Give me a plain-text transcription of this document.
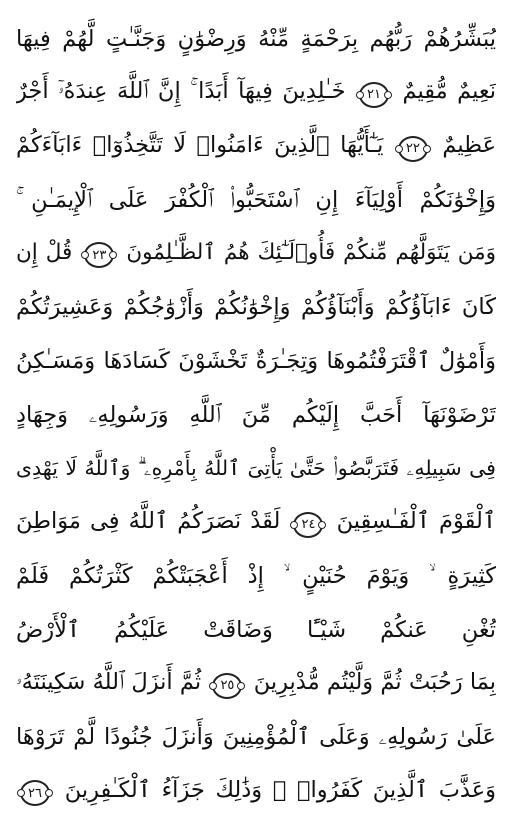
يُبَشِّرُهُمْ رَبُّهُم بِرَحْمَةٍ مِّنْهُ وَرِضْوَٰنٍ وَجَنَّـٰتٍ لَّهُمْ فِيهَا
نَعِيمٌ مُّقِيمٌ ٢١ خَـٰلِدِينَ فِيهَآ أَبَدًا ۚ إِنَّ ٱللَّهَ عِندَهُۥٓ أَجْرٌ
عَظِيمٌ ٢٢ يَـٰٓأَيُّهَا ٱلَّذِينَ ءَامَنُوا۟ لَا تَتَّخِذُوٓا۟ ءَابَآءَكُمْ
وَإِخْوَٰنَكُمْ أَوْلِيَآءَ إِنِ ٱسْتَحَبُّوا۟ ٱلْكُفْرَ عَلَى ٱلْإِيمَـٰنِ ۚ
وَمَن يَتَوَلَّهُم مِّنكُمْ فَأُو۟لَـٰٓئِكَ هُمُ ٱلظَّـٰلِمُونَ ٢٣ قُلْ إِن
كَانَ ءَابَآؤُكُمْ وَأَبْنَآؤُكُمْ وَإِخْوَٰنُكُمْ وَأَزْوَٰجُكُمْ وَعَشِيرَتُكُمْ
وَأَمْوَٰلٌ ٱقْتَرَفْتُمُوهَا وَتِجَـٰرَةٌ تَخْشَوْنَ كَسَادَهَا وَمَسَـٰكِنُ
تَرْضَوْنَهَآ أَحَبَّ إِلَيْكُم مِّنَ ٱللَّهِ وَرَسُولِهِۦ وَجِهَادٍ
فِى سَبِيلِهِۦ فَتَرَبَّصُوا۟ حَتَّىٰ يَأْتِىَ ٱللَّهُ بِأَمْرِهِۦ ۗ وَٱللَّهُ لَا يَهْدِى
ٱلْقَوْمَ ٱلْفَـٰسِقِينَ ٢٤ لَقَدْ نَصَرَكُمُ ٱللَّهُ فِى مَوَاطِنَ
كَثِيرَةٍ ۙ وَيَوْمَ حُنَيْنٍ ۙ إِذْ أَعْجَبَتْكُمْ كَثْرَتُكُمْ فَلَمْ
تُغْنِ عَنكُمْ شَيْـًٔا وَضَاقَتْ عَلَيْكُمُ ٱلْأَرْضُ
بِمَا رَحُبَتْ ثُمَّ وَلَّيْتُم مُّدْبِرِينَ ٢٥ ثُمَّ أَنزَلَ ٱللَّهُ سَكِينَتَهُۥ
عَلَىٰ رَسُولِهِۦ وَعَلَى ٱلْمُؤْمِنِينَ وَأَنزَلَ جُنُودًا لَّمْ تَرَوْهَا
وَعَذَّبَ ٱلَّذِينَ كَفَرُوا۟ ۚ وَذَٰلِكَ جَزَآءُ ٱلْكَـٰفِرِينَ ٢٦
